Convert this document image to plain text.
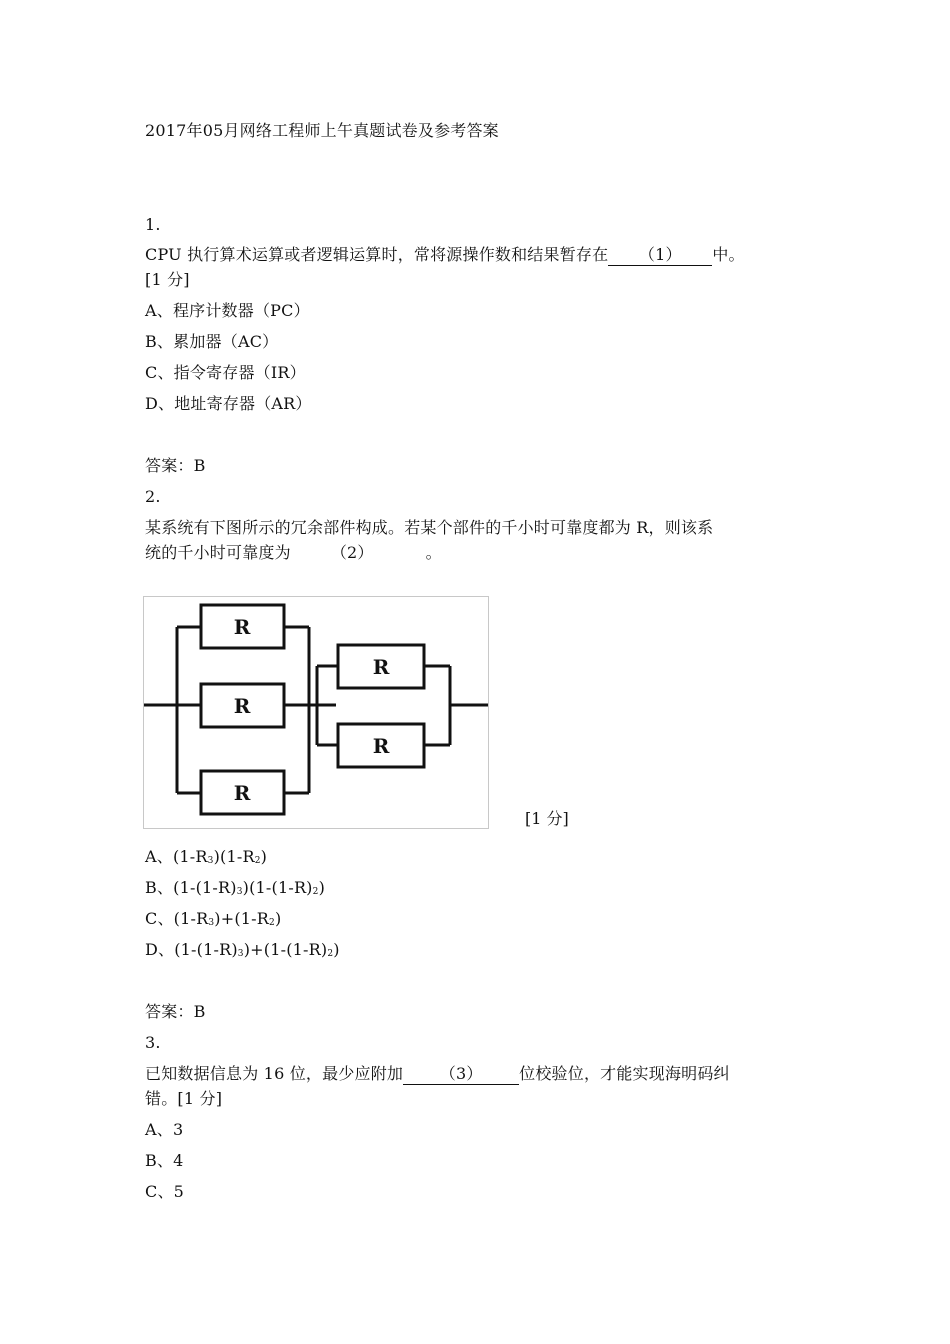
2017年05月网络工程师上午真题试卷及参考答案
1.
CPU 执行算术运算或者逻辑运算时，常将源操作数和结果暂存在 （1） 中。
[1 分]
A、程序计数器（PC）
B、累加器（AC）
C、指令寄存器（IR）
D、地址寄存器（AR）
答案：B
2.
某系统有下图所示的冗余部件构成。若某个部件的千小时可靠度都为 R，则该系
统的千小时可靠度为	（2）	。
R
R
R
R
R
[1 分]
A、$(1-R_3)(1-R_2)$
B、$(1-(1-R)_3)(1-(1-R)_2)$
C、$(1-R_3)+(1-R_2)$
D、$(1-(1-R)_3)+(1-(1-R)_2)$
答案：B
3.
已知数据信息为 16 位，最少应附加 （3） 位校验位，才能实现海明码纠
错。[1 分]
A、3
B、4
C、5
